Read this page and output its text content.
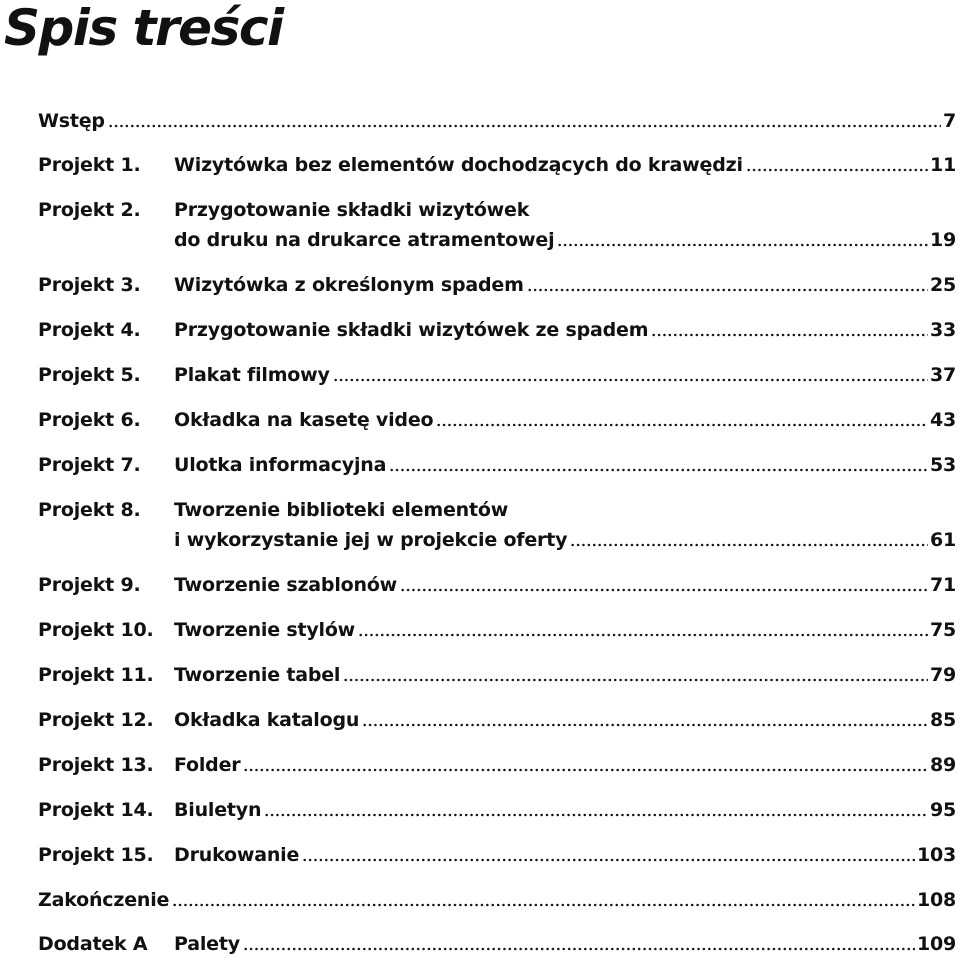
Spis treści
Wstęp	7
Projekt 1. Wizytówka bez elementów dochodzących do krawędzi	11
Projekt 2. Przygotowanie składki wizytówek
do druku na drukarce atramentowej	19
Projekt 3. Wizytówka z określonym spadem	25
Projekt 4. Przygotowanie składki wizytówek ze spadem	33
Projekt 5. Plakat filmowy	37
Projekt 6. Okładka na kasetę video	43
Projekt 7. Ulotka informacyjna	53
Projekt 8. Tworzenie biblioteki elementów
i wykorzystanie jej w projekcie oferty	61
Projekt 9. Tworzenie szablonów	71
Projekt 10. Tworzenie stylów	75
Projekt 11. Tworzenie tabel	79
Projekt 12. Okładka katalogu	85
Projekt 13. Folder	89
Projekt 14. Biuletyn	95
Projekt 15. Drukowanie	103
Zakończenie	108
Dodatek A Palety	109
